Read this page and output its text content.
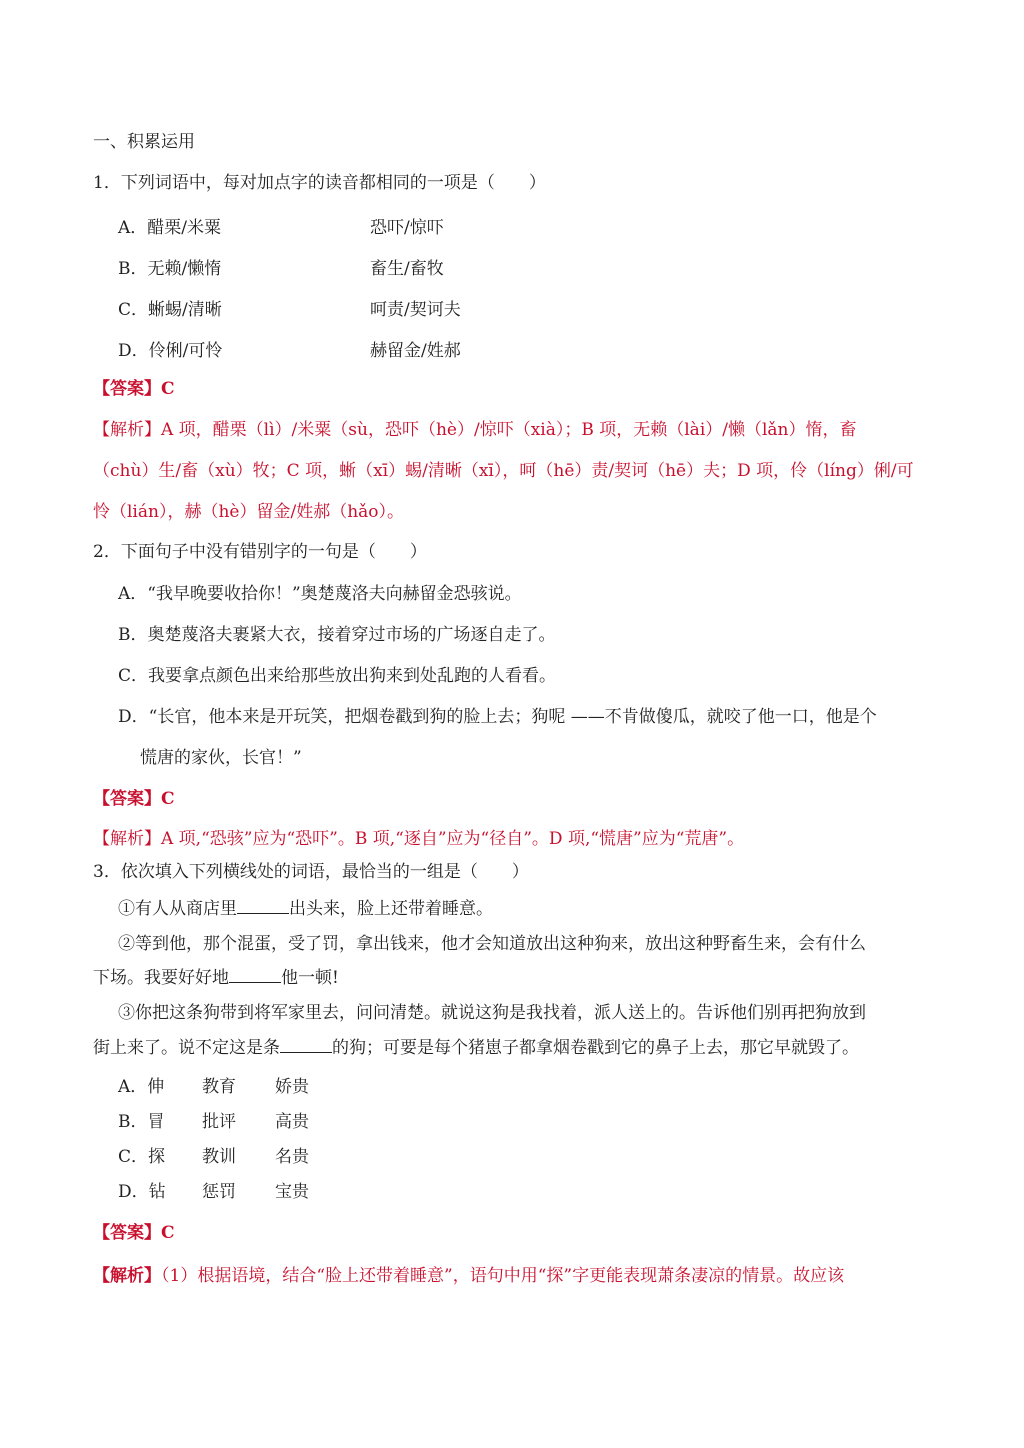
一、积累运用
1．下列词语中，每对加点字的读音都相同的一项是（　　）
A．醋栗/米粟	恐吓/惊吓
B．无赖/懒惰	畜生/畜牧
C．蜥蜴/清晰	呵责/契诃夫
D．伶俐/可怜	赫留金/姓郝
【答案】C
【解析】A 项，醋栗（lì）/米粟（sù，恐吓（hè）/惊吓（xià）；B 项，无赖（lài）/懒（lǎn）惰，畜
（chù）生/畜（xù）牧；C 项，蜥（xī）蜴/清晰（xī），呵（hē）责/契诃（hē）夫；D 项，伶（líng）俐/可
怜（lián），赫（hè）留金/姓郝（hǎo）。
2．下面句子中没有错别字的一句是（　　）
A．“我早晚要收拾你！”奥楚蔑洛夫向赫留金恐骇说。
B．奥楚蔑洛夫裹紧大衣，接着穿过市场的广场逐自走了。
C．我要拿点颜色出来给那些放出狗来到处乱跑的人看看。
D．“长官，他本来是开玩笑，把烟卷戳到狗的脸上去；狗呢 ——不肯做傻瓜，就咬了他一口，他是个
慌唐的家伙，长官！”
【答案】C
【解析】A 项,“恐骇”应为“恐吓”。B 项,“逐自”应为“径自”。D 项,“慌唐”应为“荒唐”。
3．依次填入下列横线处的词语，最恰当的一组是（　　）
①有人从商店里	出头来，脸上还带着睡意。
②等到他，那个混蛋，受了罚，拿出钱来，他才会知道放出这种狗来，放出这种野畜生来，会有什么
下场。我要好好地	他一顿!
③你把这条狗带到将军家里去，问问清楚。就说这狗是我找着，派人送上的。告诉他们别再把狗放到
街上来了。说不定这是条	的狗；可要是每个猪崽子都拿烟卷戳到它的鼻子上去，那它早就毁了。
A．伸 教育 娇贵
B．冒 批评 高贵
C．探 教训 名贵
D．钻 惩罚 宝贵
【答案】C
【解析】（1）根据语境，结合“脸上还带着睡意”，语句中用“探”字更能表现萧条凄凉的情景。故应该
